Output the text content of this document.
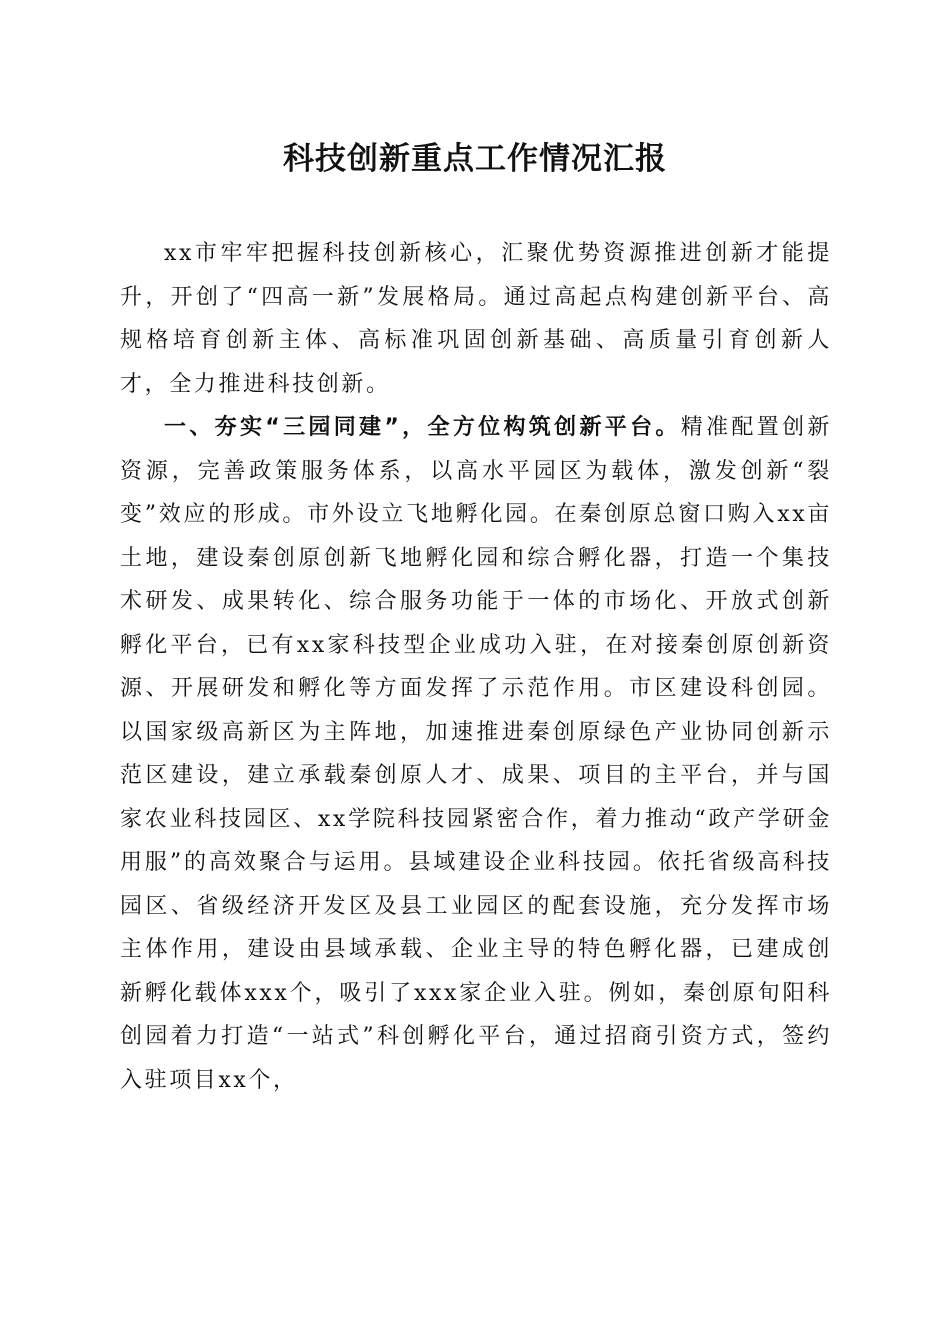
科技创新重点工作情况汇报

xx市牢牢把握科技创新核心，汇聚优势资源推进创新才能提升，开创了“四高一新”发展格局。通过高起点构建创新平台、高规格培育创新主体、高标准巩固创新基础、高质量引育创新人才，全力推进科技创新。

一、夯实“三园同建”，全方位构筑创新平台。精准配置创新资源，完善政策服务体系，以高水平园区为载体，激发创新“裂变”效应的形成。市外设立飞地孵化园。在秦创原总窗口购入xx亩土地，建设秦创原创新飞地孵化园和综合孵化器，打造一个集技术研发、成果转化、综合服务功能于一体的市场化、开放式创新孵化平台，已有xx家科技型企业成功入驻，在对接秦创原创新资源、开展研发和孵化等方面发挥了示范作用。市区建设科创园。以国家级高新区为主阵地，加速推进秦创原绿色产业协同创新示范区建设，建立承载秦创原人才、成果、项目的主平台，并与国家农业科技园区、xx学院科技园紧密合作，着力推动“政产学研金用服”的高效聚合与运用。县域建设企业科技园。依托省级高科技园区、省级经济开发区及县工业园区的配套设施，充分发挥市场主体作用，建设由县域承载、企业主导的特色孵化器，已建成创新孵化载体xxx个，吸引了xxx家企业入驻。例如，秦创原旬阳科创园着力打造“一站式”科创孵化平台，通过招商引资方式，签约入驻项目xx个，
